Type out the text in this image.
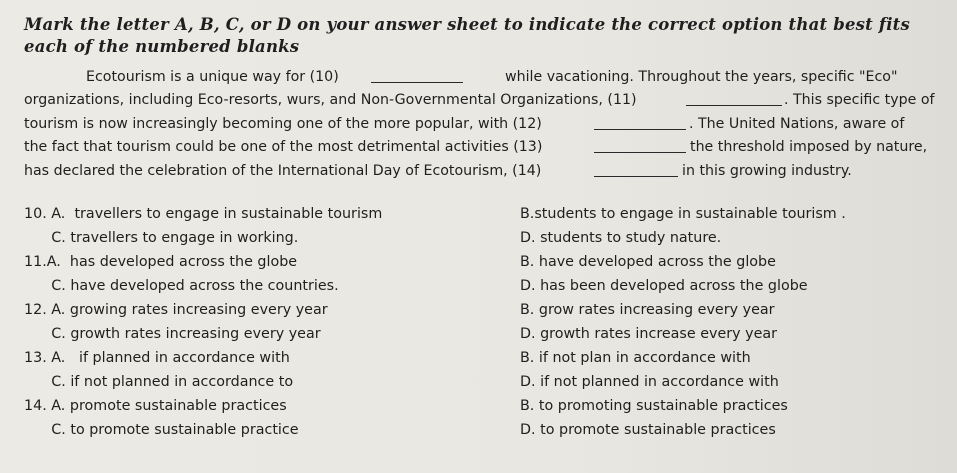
Mark the letter A, B, C, or D on your answer sheet to indicate the correct option that best fits each of the numbered blanks
Ecotourism is a unique way for (10)	while vacationing. Throughout the years, specific "Eco"
organizations, including Eco-resorts, wurs, and Non-Governmental Organizations, (11)	. This specific type of
tourism is now increasingly becoming one of the more popular, with (12)	. The United Nations, aware of
the fact that tourism could be one of the most detrimental activities (13)	the threshold imposed by nature,
has declared the celebration of the International Day of Ecotourism, (14)	in this growing industry.
10. A.  travellers to engage in sustainable tourism	B.students to engage in sustainable tourism .
C. travellers to engage in working.	D. students to study nature.
11.A.  has developed across the globe	B. have developed across the globe
C. have developed across the countries.	D. has been developed across the globe
12. A. growing rates increasing every year	B. grow rates increasing every year
C. growth rates increasing every year	D. growth rates increase every year
13. A.   if planned in accordance with	B. if not plan in accordance with
C. if not planned in accordance to	D. if not planned in accordance with
14. A. promote sustainable practices	B. to promoting sustainable practices
C. to promote sustainable practice	D. to promote sustainable practices
